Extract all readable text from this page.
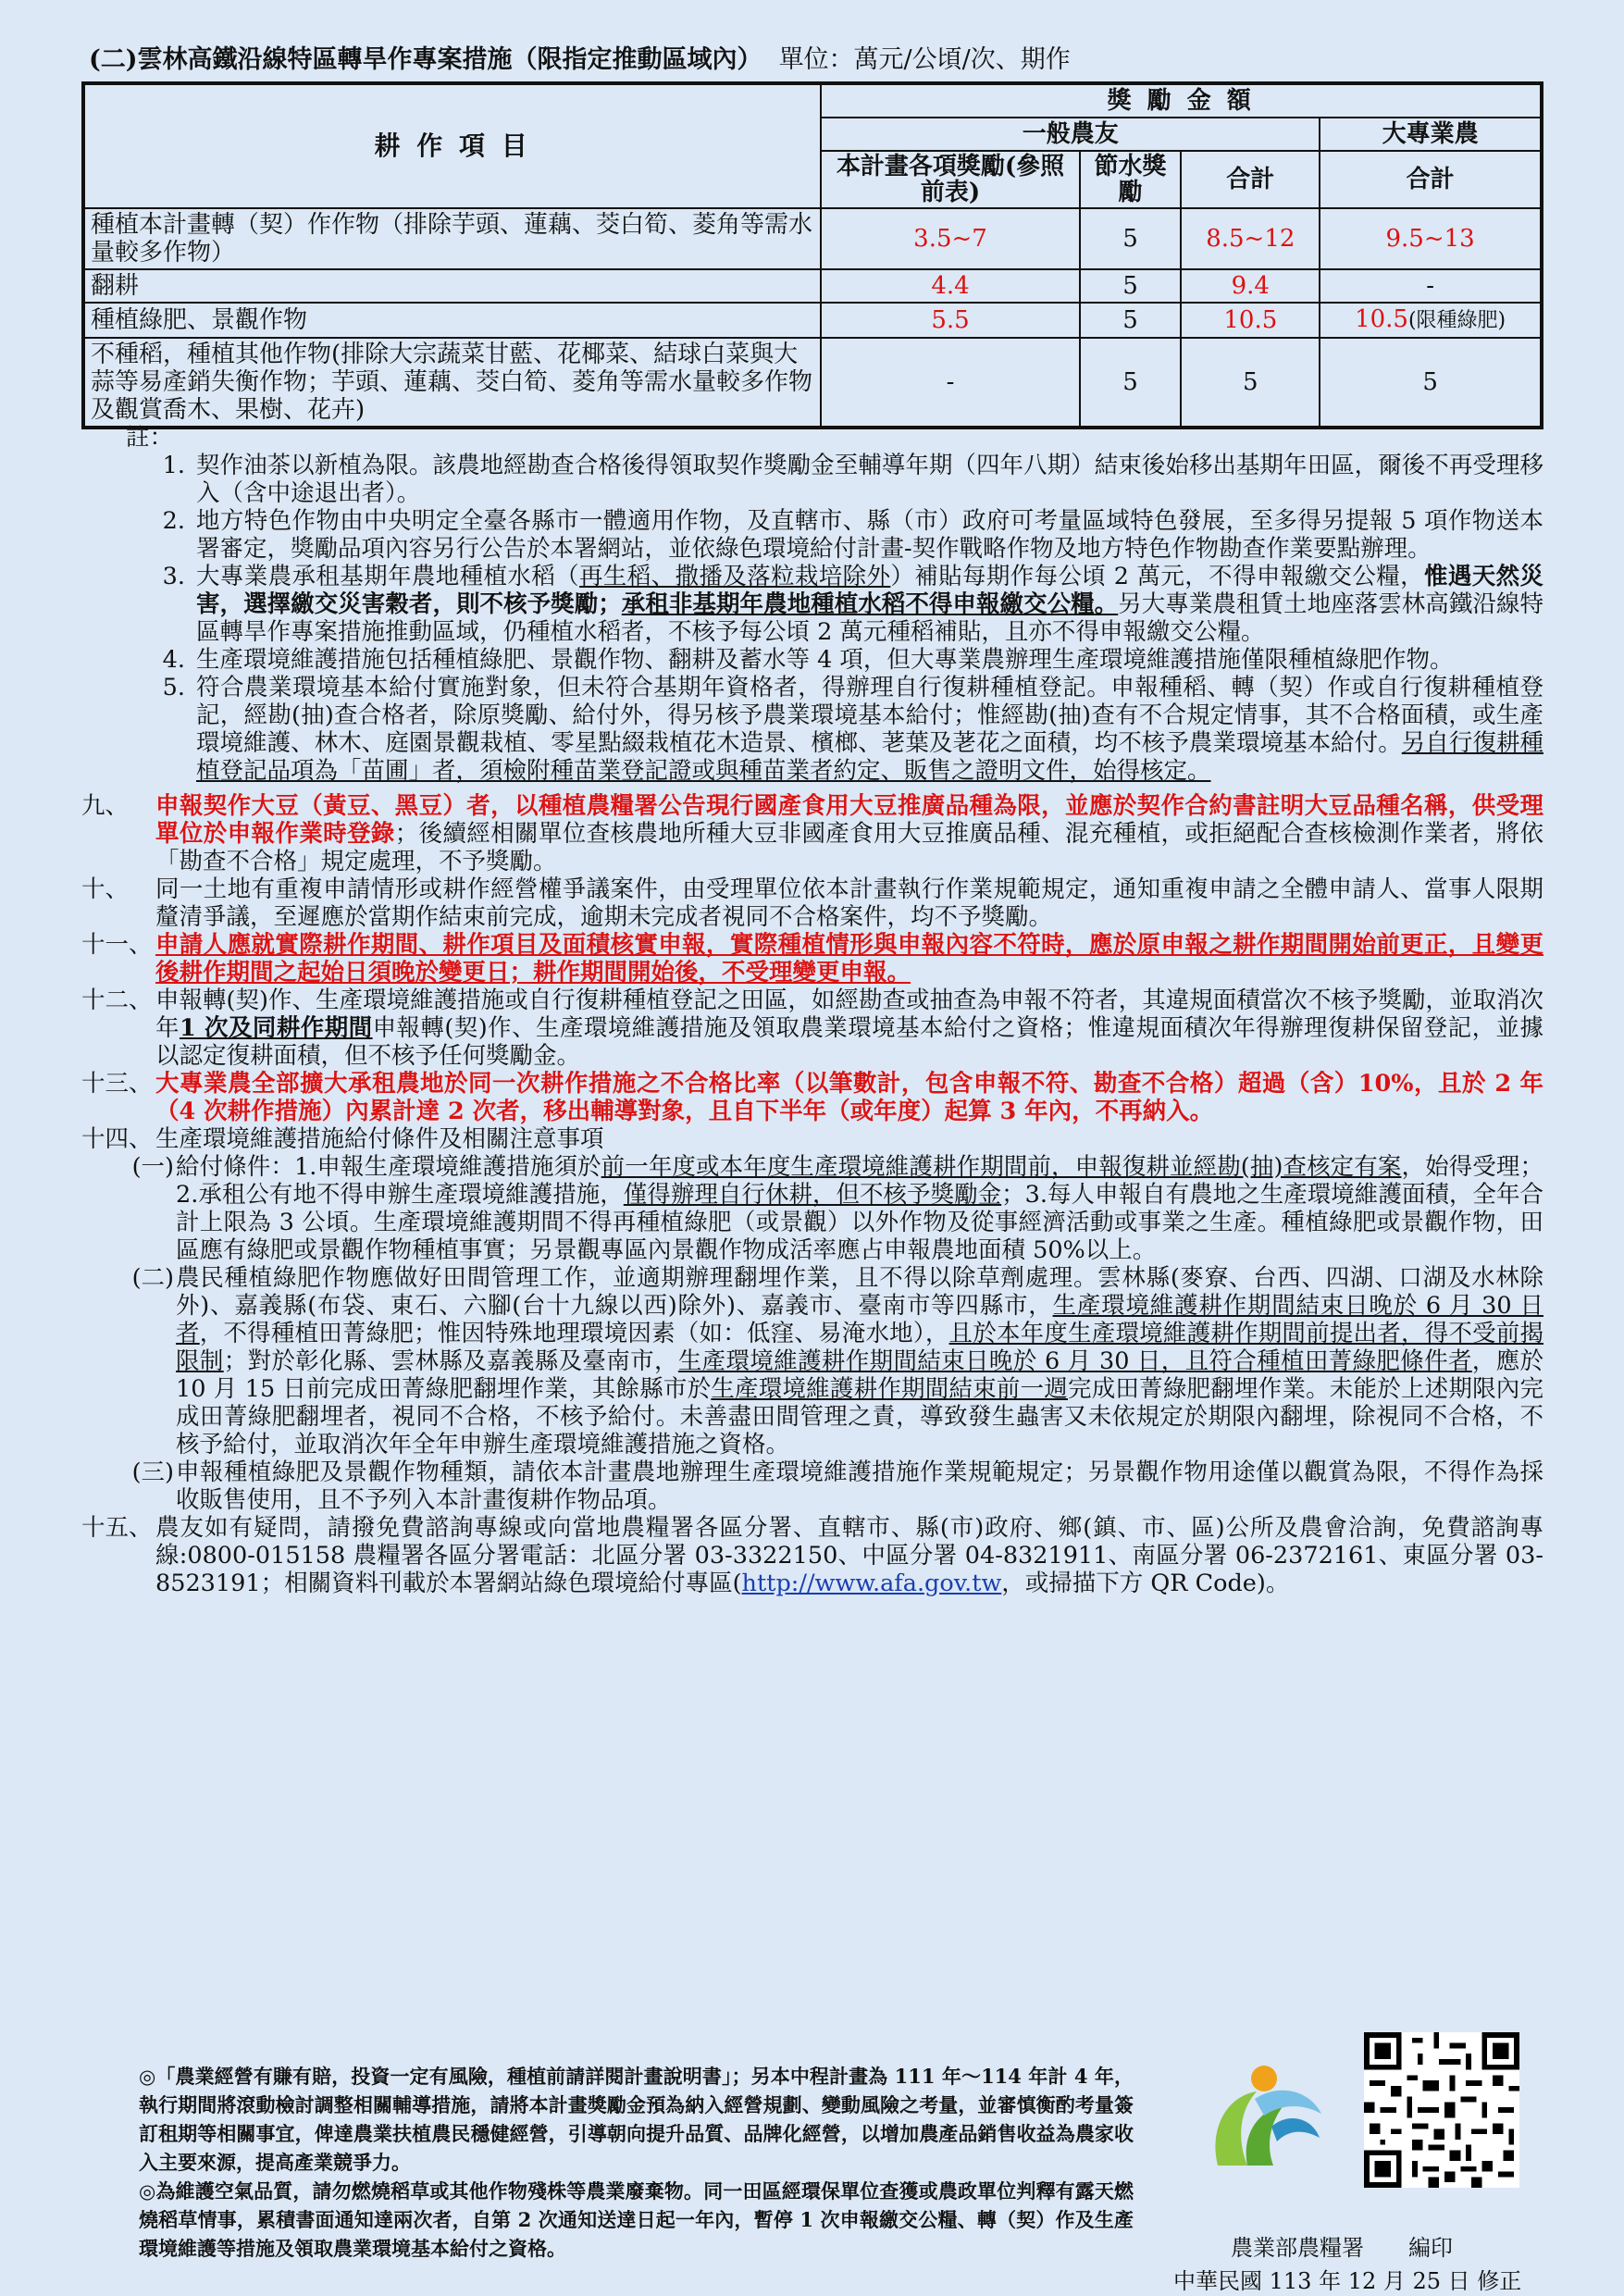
(二)雲林高鐵沿線特區轉旱作專案措施（限指定推動區域內） 單位：萬元/公頃/次、期作
耕 作 項 目	獎 勵 金 額			
	一般農友			大專業農
	本計畫各項獎勵(參照前表)	節水獎勵	合計	合計
種植本計畫轉（契）作作物（排除芋頭、蓮藕、茭白筍、菱角等需水量較多作物）	3.5~7	5	8.5~12	9.5~13
翻耕	4.4	5	9.4	-
種植綠肥、景觀作物	5.5	5	10.5	10.5(限種綠肥)
不種稻，種植其他作物(排除大宗蔬菜甘藍、花椰菜、結球白菜與大蒜等易產銷失衡作物；芋頭、蓮藕、茭白筍、菱角等需水量較多作物及觀賞喬木、果樹、花卉)	-	5	5	5

註：

1. 契作油茶以新植為限。該農地經勘查合格後得領取契作獎勵金至輔導年期（四年八期）結束後始移出基期年田區，爾後不再受理移入（含中途退出者）。
2. 地方特色作物由中央明定全臺各縣市一體適用作物，及直轄市、縣（市）政府可考量區域特色發展，至多得另提報 5 項作物送本署審定，獎勵品項內容另行公告於本署網站，並依綠色環境給付計畫-契作戰略作物及地方特色作物勘查作業要點辦理。
3. 大專業農承租基期年農地種植水稻（再生稻、撒播及落粒栽培除外）補貼每期作每公頃 2 萬元，不得申報繳交公糧，惟遇天然災害，選擇繳交災害穀者，則不核予獎勵；承租非基期年農地種植水稻不得申報繳交公糧。另大專業農租賃土地座落雲林高鐵沿線特區轉旱作專案措施推動區域，仍種植水稻者，不核予每公頃 2 萬元種稻補貼，且亦不得申報繳交公糧。
4. 生產環境維護措施包括種植綠肥、景觀作物、翻耕及蓄水等 4 項，但大專業農辦理生產環境維護措施僅限種植綠肥作物。
5. 符合農業環境基本給付實施對象，但未符合基期年資格者，得辦理自行復耕種植登記。申報種稻、轉（契）作或自行復耕種植登記，經勘(抽)查合格者，除原獎勵、給付外，得另核予農業環境基本給付；惟經勘(抽)查有不合規定情事，其不合格面積，或生產環境維護、林木、庭園景觀栽植、零星點綴栽植花木造景、檳榔、荖葉及荖花之面積，均不核予農業環境基本給付。另自行復耕種植登記品項為「苗圃」者，須檢附種苗業登記證或與種苗業者約定、販售之證明文件，始得核定。
九、	申報契作大豆（黃豆、黑豆）者，以種植農糧署公告現行國產食用大豆推廣品種為限，並應於契作合約書註明大豆品種名稱，供受理單位於申報作業時登錄；後續經相關單位查核農地所種大豆非國產食用大豆推廣品種、混充種植，或拒絕配合查核檢測作業者，將依「勘查不合格」規定處理，不予獎勵。
十、	同一土地有重複申請情形或耕作經營權爭議案件，由受理單位依本計畫執行作業規範規定，通知重複申請之全體申請人、當事人限期釐清爭議，至遲應於當期作結束前完成，逾期未完成者視同不合格案件，均不予獎勵。
十一、 申請人應就實際耕作期間、耕作項目及面積核實申報，實際種植情形與申報內容不符時，應於原申報之耕作期間開始前更正，且變更後耕作期間之起始日須晚於變更日；耕作期間開始後，不受理變更申報。
十二、 申報轉(契)作、生產環境維護措施或自行復耕種植登記之田區，如經勘查或抽查為申報不符者，其違規面積當次不核予獎勵，並取消次年1 次及同耕作期間申報轉(契)作、生產環境維護措施及領取農業環境基本給付之資格；惟違規面積次年得辦理復耕保留登記，並據以認定復耕面積，但不核予任何獎勵金。
十三、 大專業農全部擴大承租農地於同一次耕作措施之不合格比率（以筆數計，包含申報不符、勘查不合格）超過（含）10%，且於 2 年（4 次耕作措施）內累計達 2 次者，移出輔導對象，且自下半年（或年度）起算 3 年內，不再納入。
十四、 生產環境維護措施給付條件及相關注意事項
(一) 給付條件：1.申報生產環境維護措施須於前一年度或本年度生產環境維護耕作期間前，申報復耕並經勘(抽)查核定有案，始得受理；2.承租公有地不得申辦生產環境維護措施，僅得辦理自行休耕，但不核予獎勵金；3.每人申報自有農地之生產環境維護面積，全年合計上限為 3 公頃。生產環境維護期間不得再種植綠肥（或景觀）以外作物及從事經濟活動或事業之生產。種植綠肥或景觀作物，田區應有綠肥或景觀作物種植事實；另景觀專區內景觀作物成活率應占申報農地面積 50%以上。
(二) 農民種植綠肥作物應做好田間管理工作，並適期辦理翻埋作業，且不得以除草劑處理。雲林縣(麥寮、台西、四湖、口湖及水林除外)、嘉義縣(布袋、東石、六腳(台十九線以西)除外)、嘉義市、臺南市等四縣市，生產環境維護耕作期間結束日晚於 6 月 30 日者，不得種植田菁綠肥；惟因特殊地理環境因素（如：低窪、易淹水地），且於本年度生產環境維護耕作期間前提出者，得不受前揭限制；對於彰化縣、雲林縣及嘉義縣及臺南市，生產環境維護耕作期間結束日晚於 6 月 30 日，且符合種植田菁綠肥條件者，應於 10 月 15 日前完成田菁綠肥翻埋作業，其餘縣市於生產環境維護耕作期間結束前一週完成田菁綠肥翻埋作業。未能於上述期限內完成田菁綠肥翻埋者，視同不合格，不核予給付。未善盡田間管理之責，導致發生蟲害又未依規定於期限內翻埋，除視同不合格，不核予給付，並取消次年全年申辦生產環境維護措施之資格。
(三) 申報種植綠肥及景觀作物種類，請依本計畫農地辦理生產環境維護措施作業規範規定；另景觀作物用途僅以觀賞為限，不得作為採收販售使用，且不予列入本計畫復耕作物品項。
十五、 農友如有疑問，請撥免費諮詢專線或向當地農糧署各區分署、直轄市、縣(市)政府、鄉(鎮、市、區)公所及農會洽詢，免費諮詢專線:0800-015158 農糧署各區分署電話：北區分署 03-3322150、中區分署 04-8321911、南區分署 06-2372161、東區分署 03-8523191；相關資料刊載於本署網站綠色環境給付專區(http://www.afa.gov.tw，或掃描下方 QR Code)。

◎「農業經營有賺有賠，投資一定有風險，種植前請詳閱計畫說明書」；另本中程計畫為 111 年～114 年計 4 年，執行期間將滾動檢討調整相關輔導措施，請將本計畫獎勵金預為納入經營規劃、變動風險之考量，並審慎衡酌考量簽訂租期等相關事宜，俾達農業扶植農民穩健經營，引導朝向提升品質、品牌化經營，以增加農產品銷售收益為農家收入主要來源，提高產業競爭力。

◎為維護空氣品質，請勿燃燒稻草或其他作物殘株等農業廢棄物。同一田區經環保單位查獲或農政單位判釋有露天燃燒稻草情事，累積書面通知達兩次者，自第 2 次通知送達日起一年內，暫停 1 次申報繳交公糧、轉（契）作及生產環境維護等措施及領取農業環境基本給付之資格。	農業部農糧署　　編印
中華民國 113 年 12 月 25 日 修正
